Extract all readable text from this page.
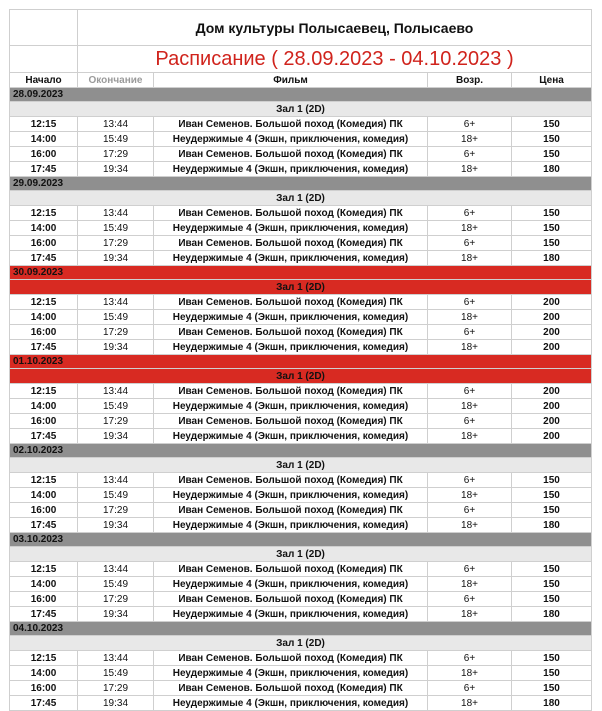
	Дом культуры Полысаевец, Полысаево			
	Расписание ( 28.09.2023 - 04.10.2023 )			
Начало	Окончание	Фильм	Возр.	Цена
28.09.2023				
Зал 1 (2D)				
12:15	13:44	Иван Семенов. Большой поход (Комедия) ПК	6+	150
14:00	15:49	Неудержимые 4 (Экшн, приключения, комедия)	18+	150
16:00	17:29	Иван Семенов. Большой поход (Комедия) ПК	6+	150
17:45	19:34	Неудержимые 4 (Экшн, приключения, комедия)	18+	180
29.09.2023				
Зал 1 (2D)				
12:15	13:44	Иван Семенов. Большой поход (Комедия) ПК	6+	150
14:00	15:49	Неудержимые 4 (Экшн, приключения, комедия)	18+	150
16:00	17:29	Иван Семенов. Большой поход (Комедия) ПК	6+	150
17:45	19:34	Неудержимые 4 (Экшн, приключения, комедия)	18+	180
30.09.2023				
Зал 1 (2D)				
12:15	13:44	Иван Семенов. Большой поход (Комедия) ПК	6+	200
14:00	15:49	Неудержимые 4 (Экшн, приключения, комедия)	18+	200
16:00	17:29	Иван Семенов. Большой поход (Комедия) ПК	6+	200
17:45	19:34	Неудержимые 4 (Экшн, приключения, комедия)	18+	200
01.10.2023				
Зал 1 (2D)				
12:15	13:44	Иван Семенов. Большой поход (Комедия) ПК	6+	200
14:00	15:49	Неудержимые 4 (Экшн, приключения, комедия)	18+	200
16:00	17:29	Иван Семенов. Большой поход (Комедия) ПК	6+	200
17:45	19:34	Неудержимые 4 (Экшн, приключения, комедия)	18+	200
02.10.2023				
Зал 1 (2D)				
12:15	13:44	Иван Семенов. Большой поход (Комедия) ПК	6+	150
14:00	15:49	Неудержимые 4 (Экшн, приключения, комедия)	18+	150
16:00	17:29	Иван Семенов. Большой поход (Комедия) ПК	6+	150
17:45	19:34	Неудержимые 4 (Экшн, приключения, комедия)	18+	180
03.10.2023				
Зал 1 (2D)				
12:15	13:44	Иван Семенов. Большой поход (Комедия) ПК	6+	150
14:00	15:49	Неудержимые 4 (Экшн, приключения, комедия)	18+	150
16:00	17:29	Иван Семенов. Большой поход (Комедия) ПК	6+	150
17:45	19:34	Неудержимые 4 (Экшн, приключения, комедия)	18+	180
04.10.2023				
Зал 1 (2D)				
12:15	13:44	Иван Семенов. Большой поход (Комедия) ПК	6+	150
14:00	15:49	Неудержимые 4 (Экшн, приключения, комедия)	18+	150
16:00	17:29	Иван Семенов. Большой поход (Комедия) ПК	6+	150
17:45	19:34	Неудержимые 4 (Экшн, приключения, комедия)	18+	180
